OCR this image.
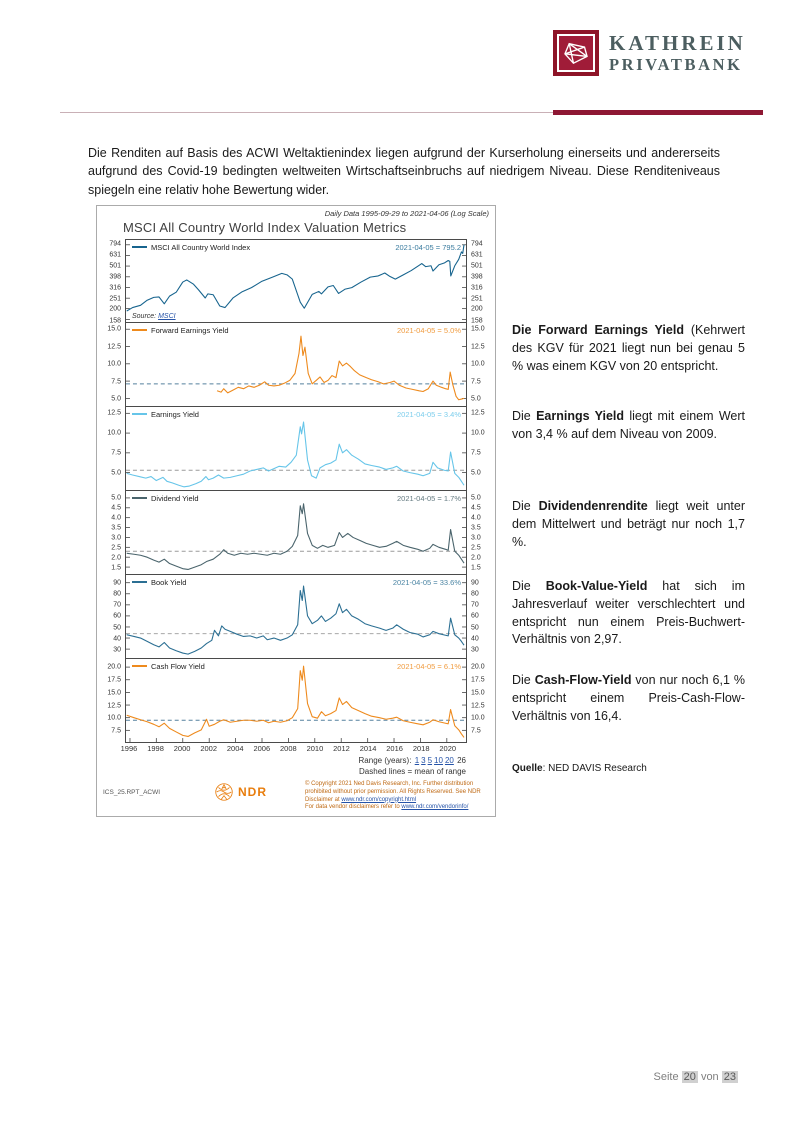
KATHREIN
PRIVATBANK

Die Renditen auf Basis des ACWI Weltaktienindex liegen aufgrund der Kurserholung einerseits und andererseits aufgrund des Covid-19 bedingten weltweiten Wirtschaftseinbruchs auf niedrigem Niveau. Diese Renditeniveaus spiegeln eine relativ hohe Bewertung wider.

Daily Data 1995-09-29 to 2021-04-06 (Log Scale)
MSCI All Country World Index Valuation Metrics
794
631
501
398
316
251
200
158
MSCI All Country World Index	2021-04-05 = 795.2
Source: MSCI
794
631
501
398
316
251
200
158
15.0
12.5
10.0
7.5
5.0
Forward Earnings Yield	2021-04-05 = 5.0% 15.0
12.5
10.0
7.5
5.0
12.5
10.0
7.5
5.0
Earnings Yield	2021-04-05 = 3.4% 12.5
10.0
7.5
5.0
5.0
4.5
4.0
3.5
3.0
2.5
2.0
1.5
Dividend Yield	2021-04-05 = 1.7% 5.0
4.5
4.0
3.5
3.0
2.5
2.0
1.5
90
80
70
60
50
40
30
Book Yield	2021-04-05 = 33.6% 90
80
70
60
50
40
30
20.0
17.5
15.0
12.5
10.0
7.5
Cash Flow Yield	2021-04-05 = 6.1% 20.0
17.5
15.0
12.5
10.0
7.5
1996 1998 2000 2002 2004 2006 2008 2010 2012 2014 2016 2018 2020
Range (years): 1 3 5 10 20 26
Dashed lines = mean of range
ICS_25.RPT_ACWI	NDR
© Copyright 2021 Ned Davis Research, Inc. Further distribution prohibited without prior permission. All Rights Reserved. See NDR Disclaimer at www.ndr.com/copyright.html
For data vendor disclaimers refer to www.ndr.com/vendorinfo/
Die Forward Earnings Yield (Kehrwert des KGV für 2021 liegt nun bei genau 5 % was einem KGV von 20 entspricht.
Die Earnings Yield liegt mit einem Wert von 3,4 % auf dem Niveau von 2009.
Die Dividendenrendite liegt weit unter dem Mittelwert und beträgt nur noch 1,7 %.
Die Book-Value-Yield hat sich im Jahresverlauf weiter verschlechtert und entspricht nun einem Preis-Buchwert-Verhältnis von 2,97.
Die Cash-Flow-Yield von nur noch 6,1 % entspricht einem Preis-Cash-Flow-Verhältnis von 16,4.
Quelle: NED DAVIS Research
Seite 20 von 23
